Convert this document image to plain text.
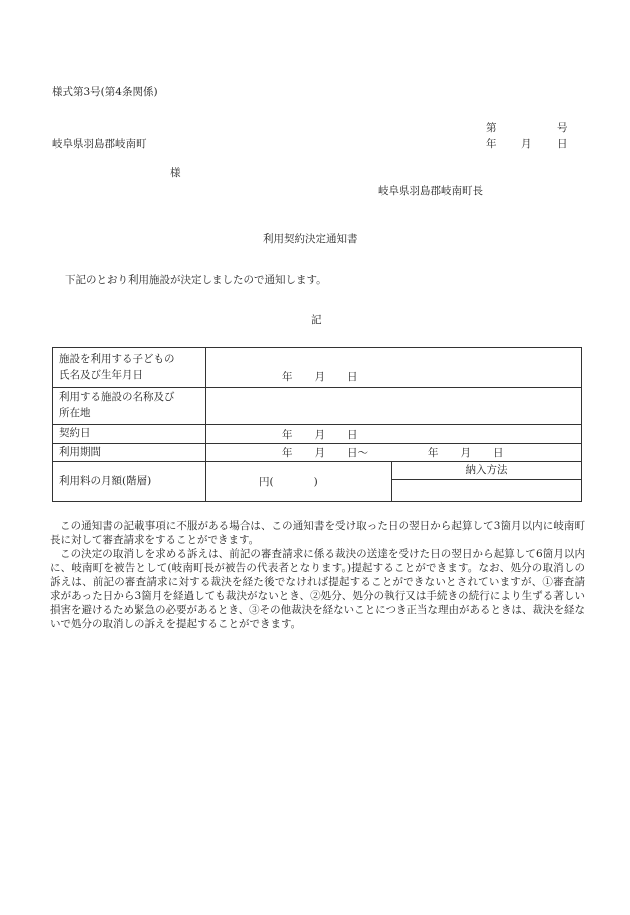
様式第3号(第4条関係)
第	号
岐阜県羽島郡岐南町	年 月 日
様
岐阜県羽島郡岐南町長
利用契約決定通知書
下記のとおり利用施設が決定しましたので通知します。
記
施設を利用する子どもの
氏名及び生年月日	年 月 日	

利用する施設の名称及び
所在地		

契約日	年 月 日	
利用期間	年 月 日～ 年 月 日	
利用料の月額(階層)	円( )	納入方法

この通知書の記載事項に不服がある場合は、この通知書を受け取った日の翌日から起算して3箇月以内に岐南町長に対して審査請求をすることができます。

この決定の取消しを求める訴えは、前記の審査請求に係る裁決の送達を受けた日の翌日から起算して6箇月以内に、岐南町を被告として(岐南町長が被告の代表者となります。)提起することができます。なお、処分の取消しの訴えは、前記の審査請求に対する裁決を経た後でなければ提起することができないとされていますが、①審査請求があった日から3箇月を経過しても裁決がないとき、②処分、処分の執行又は手続きの続行により生ずる著しい損害を避けるため緊急の必要があるとき、③その他裁決を経ないことにつき正当な理由があるときは、裁決を経ないで処分の取消しの訴えを提起することができます。
